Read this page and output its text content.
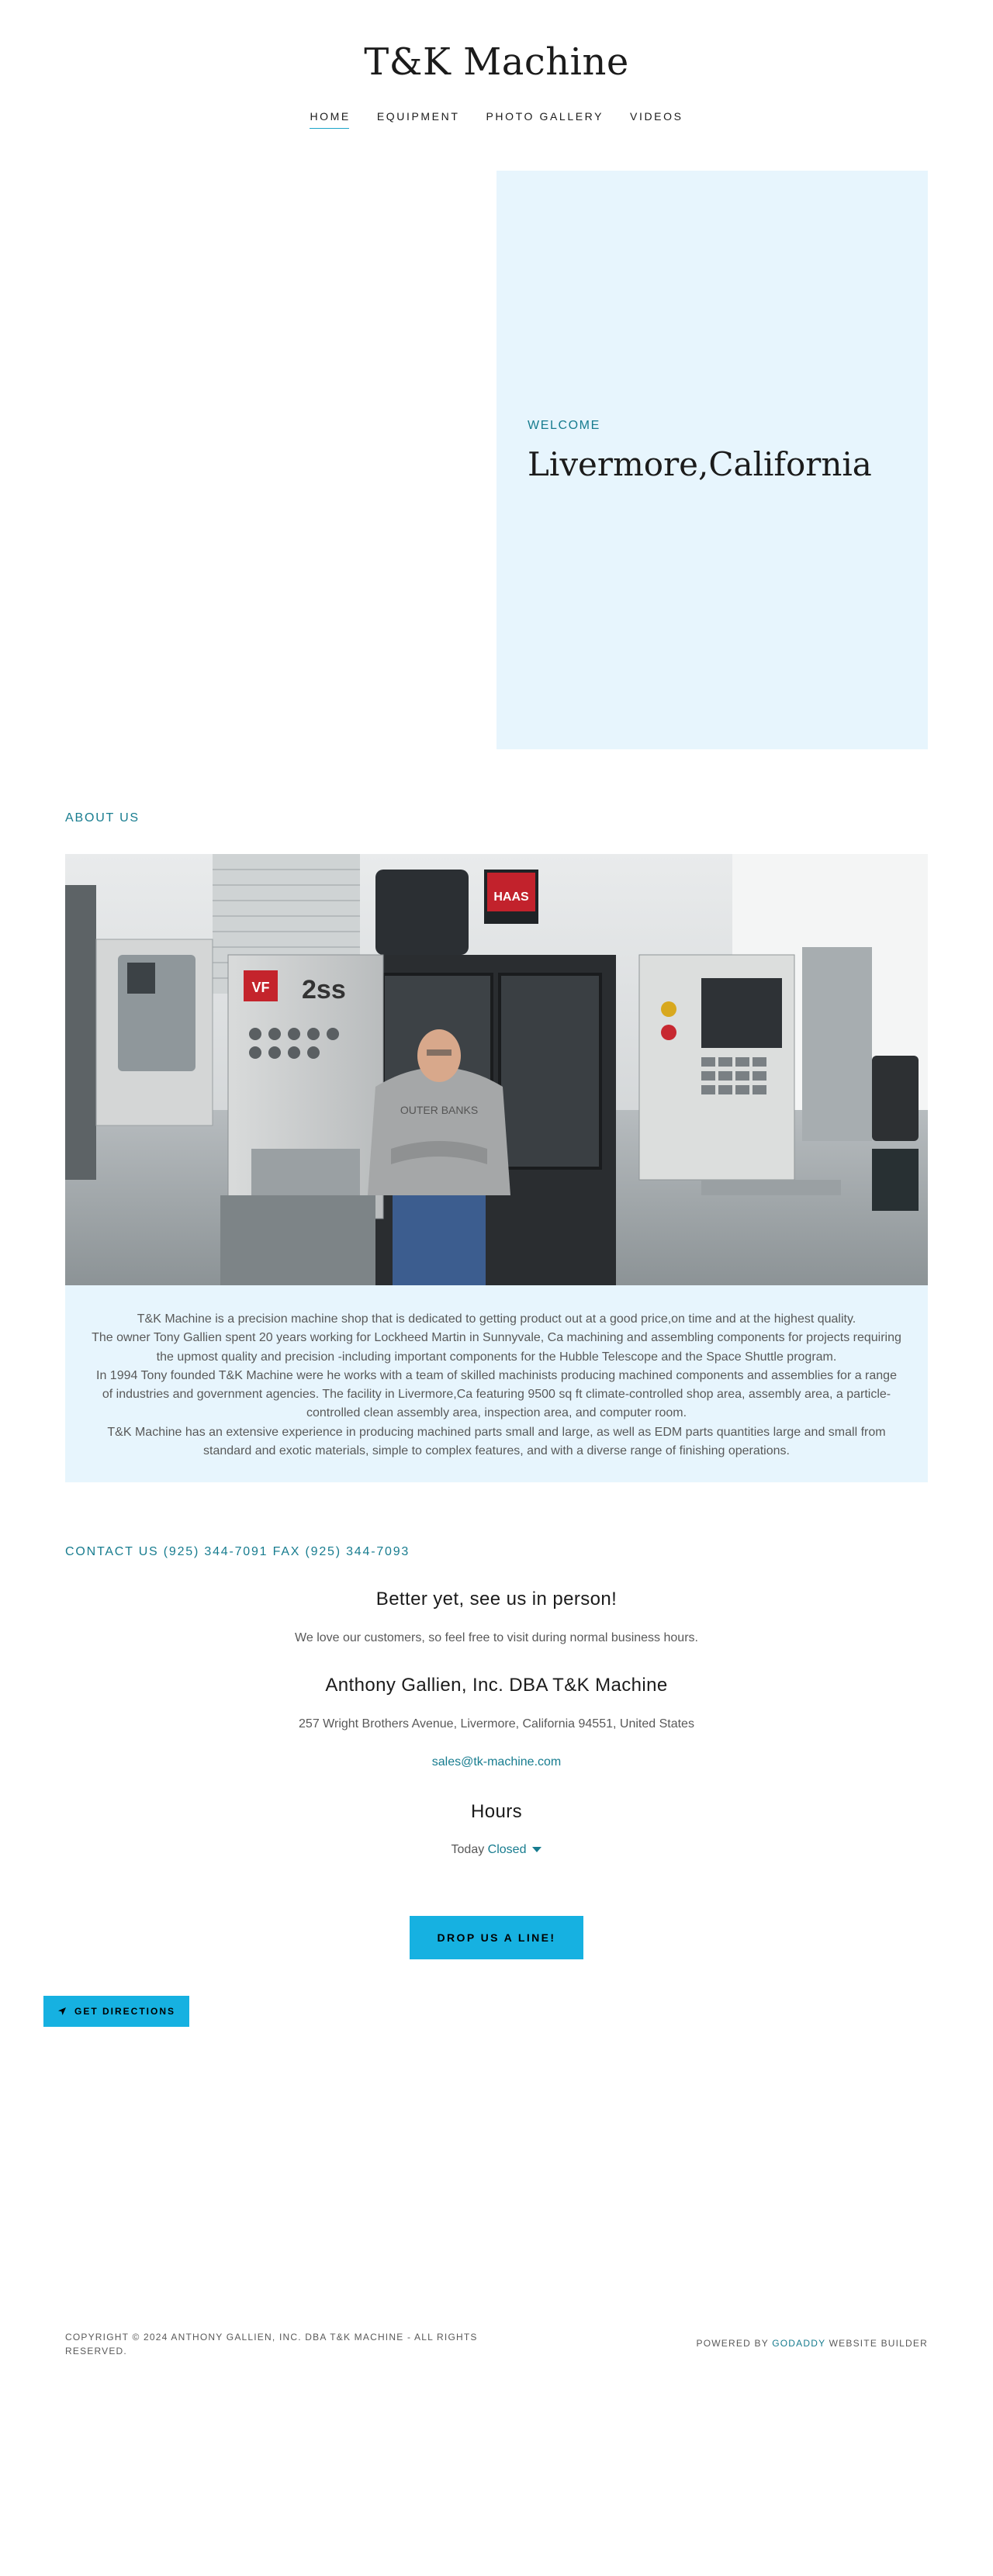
T&K Machine
HOME EQUIPMENT PHOTO GALLERY VIDEOS
WELCOME
Livermore,California
ABOUT US
HAAS
VF 2ss
OUTER BANKS
T&K Machine is a precision machine shop that is dedicated to getting product out at a good price,on time and at the highest quality.
The owner Tony Gallien spent 20 years working for Lockheed Martin in Sunnyvale, Ca machining and assembling components for projects requiring the upmost quality and precision -including important components for the Hubble Telescope and the Space Shuttle program.
In 1994 Tony founded T&K Machine were he works with a team of skilled machinists producing machined components and assemblies for a range of industries and government agencies. The facility in Livermore,Ca featuring 9500 sq ft climate-controlled shop area, assembly area, a particle-controlled clean assembly area, inspection area, and computer room.
T&K Machine has an extensive experience in producing machined parts small and large, as well as EDM parts quantities large and small from standard and exotic materials, simple to complex features, and with a diverse range of finishing operations.
CONTACT US (925) 344-7091 FAX (925) 344-7093
Better yet, see us in person!
We love our customers, so feel free to visit during normal business hours.
Anthony Gallien, Inc. DBA T&K Machine
257 Wright Brothers Avenue, Livermore, California 94551, United States
sales@tk-machine.com
Hours
Today Closed
DROP US A LINE!
GET DIRECTIONS
COPYRIGHT © 2024 ANTHONY GALLIEN, INC. DBA T&K MACHINE - ALL RIGHTS RESERVED.
POWERED BY GODADDY WEBSITE BUILDER
